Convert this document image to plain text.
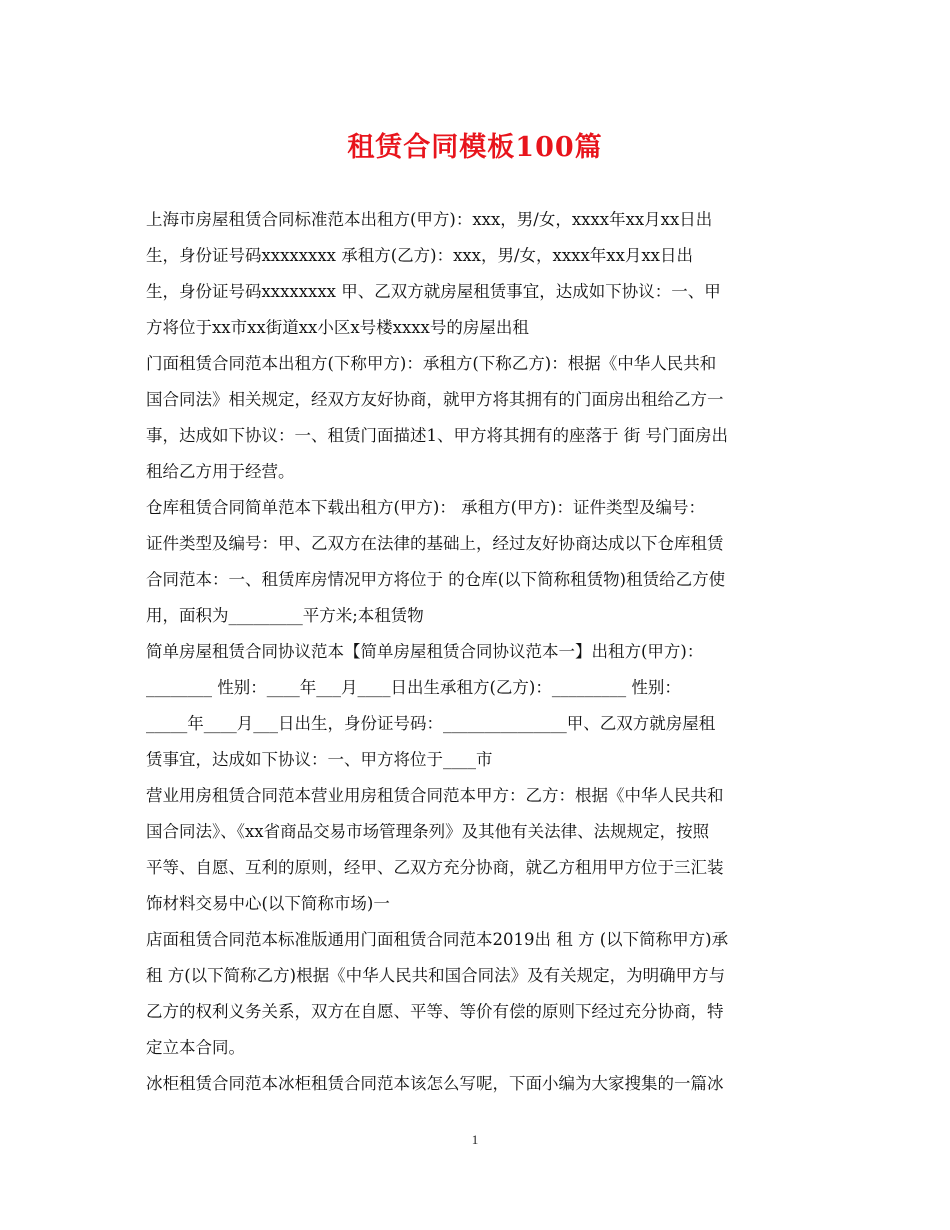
租赁合同模板100篇
上海市房屋租赁合同标准范本出租方(甲方)：xxx，男/女，xxxx年xx月xx日出
生，身份证号码xxxxxxxx 承租方(乙方)：xxx，男/女，xxxx年xx月xx日出
生，身份证号码xxxxxxxx 甲、乙双方就房屋租赁事宜，达成如下协议：一、甲
方将位于xx市xx街道xx小区x号楼xxxx号的房屋出租
门面租赁合同范本出租方(下称甲方)：承租方(下称乙方)：根据《中华人民共和
国合同法》相关规定，经双方友好协商，就甲方将其拥有的门面房出租给乙方一
事，达成如下协议：一、租赁门面描述1、甲方将其拥有的座落于 街 号门面房出
租给乙方用于经营。
仓库租赁合同简单范本下载出租方(甲方)： 承租方(甲方)：证件类型及编号：
证件类型及编号：甲、乙双方在法律的基础上，经过友好协商达成以下仓库租赁
合同范本：一、租赁库房情况甲方将位于 的仓库(以下简称租赁物)租赁给乙方使
用，面积为_________平方米;本租赁物
简单房屋租赁合同协议范本【简单房屋租赁合同协议范本一】出租方(甲方)：
________ 性别：____年___月____日出生承租方(乙方)：_________ 性别：
_____年____月___日出生，身份证号码：_______________甲、乙双方就房屋租
赁事宜，达成如下协议：一、甲方将位于____市
营业用房租赁合同范本营业用房租赁合同范本甲方：乙方：根据《中华人民共和
国合同法》、《xx省商品交易市场管理条列》及其他有关法律、法规规定，按照
平等、自愿、互利的原则，经甲、乙双方充分协商，就乙方租用甲方位于三汇装
饰材料交易中心(以下简称市场)一
店面租赁合同范本标准版通用门面租赁合同范本2019出 租 方 (以下简称甲方)承
租 方(以下简称乙方)根据《中华人民共和国合同法》及有关规定，为明确甲方与
乙方的权利义务关系，双方在自愿、平等、等价有偿的原则下经过充分协商，特
定立本合同。
冰柜租赁合同范本冰柜租赁合同范本该怎么写呢，下面小编为大家搜集的一篇冰
1
